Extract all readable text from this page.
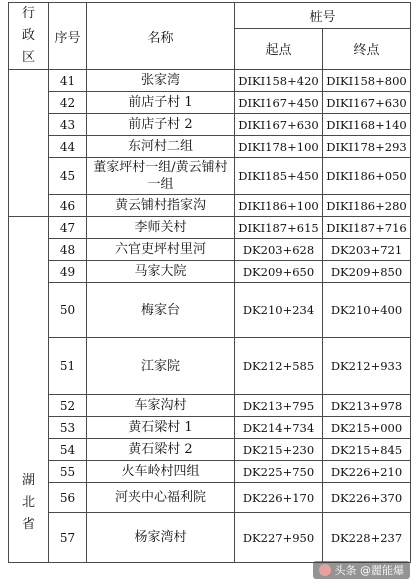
行
政
区	序号	名称	桩号	
			起点	终点
	41	张家湾	DIKI158+420	DIKI158+800
	42	前店子村 1	DIKI167+450	DIKI167+630
	43	前店子村 2	DIKI167+630	DIKI168+140
	44	东河村二组	DIKI178+100	DIKI178+293
	45	董家坪村一组/黄云铺村一组	DIKI185+450	DIKI186+050
	46	黄云铺村指家沟	DIKI186+100	DIKI186+280

湖
北
省	47	李师关村	DIKI187+615	DIKI187+716
	48	六官吏坪村里河	DK203+628	DK203+721
	49	马家大院	DK209+650	DK209+850
	50	梅家台	DK210+234	DK210+400
	51	江家院	DK212+585	DK212+933
	52	车家沟村	DK213+795	DK213+978
	53	黄石梁村 1	DK214+734	DK215+000
	54	黄石梁村 2	DK215+230	DK215+845
	55	火车岭村四组	DK225+750	DK226+210
	56	河夹中心福利院	DK226+170	DK226+370
	57	杨家湾村	DK227+950	DK228+237
头条 @麗能爆
